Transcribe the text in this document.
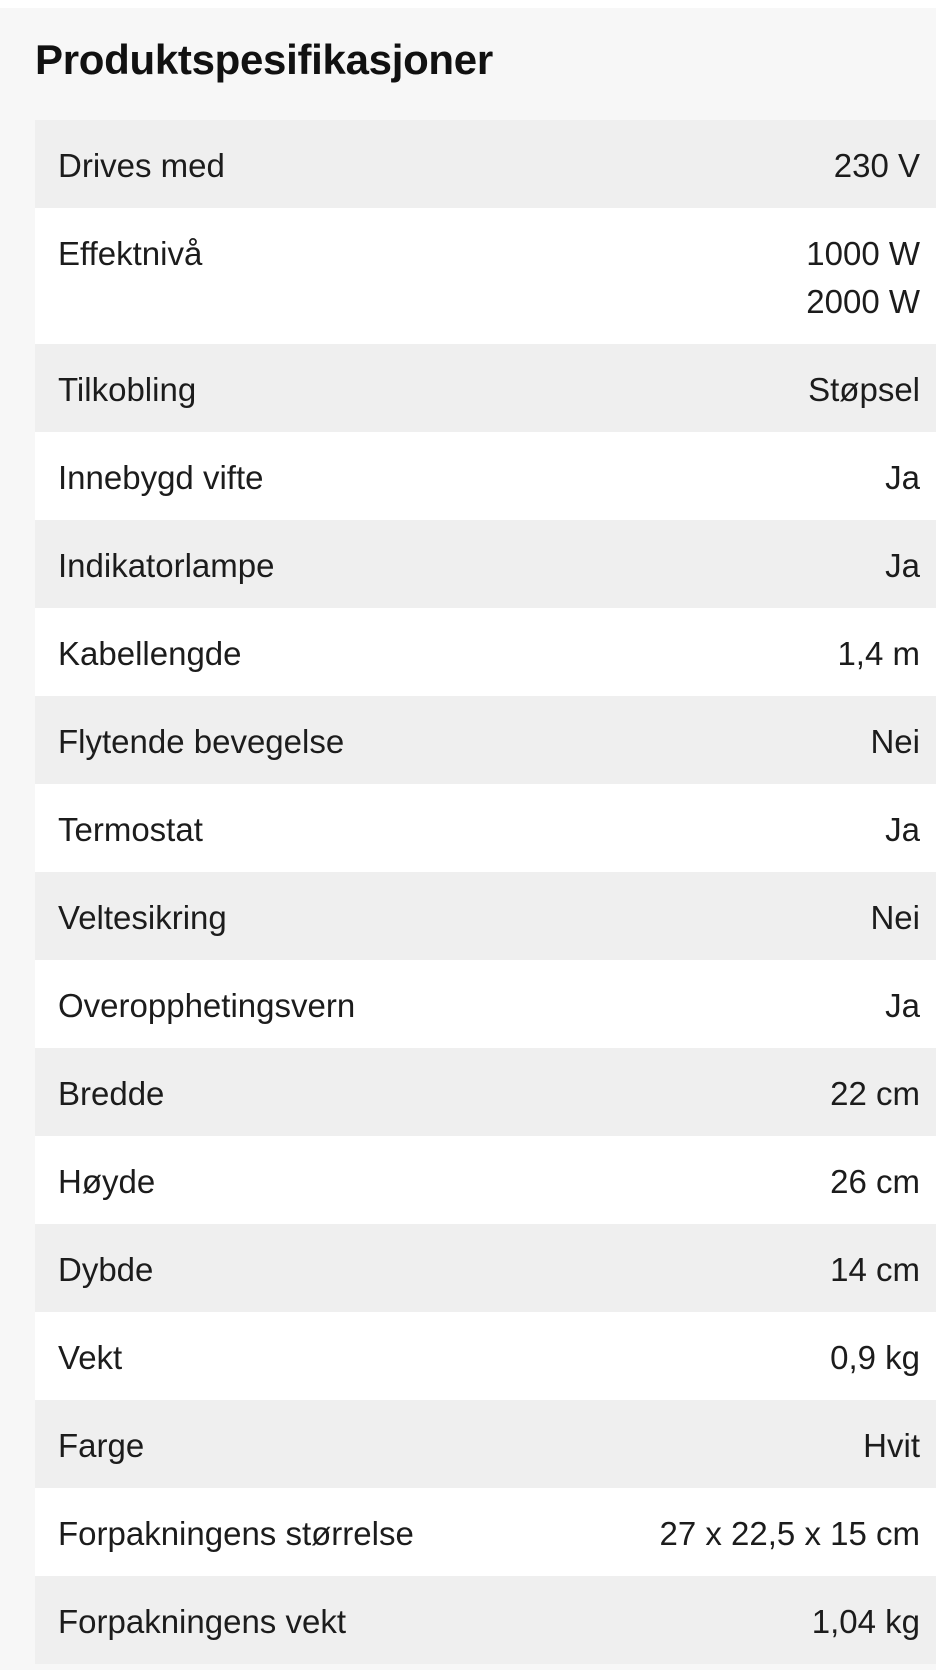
Produktspesifikasjoner
Drives med	230 V
Effektnivå	1000 W
2000 W
Tilkobling	Støpsel
Innebygd vifte	Ja
Indikatorlampe	Ja
Kabellengde	1,4 m
Flytende bevegelse	Nei
Termostat	Ja
Veltesikring	Nei
Overopphetingsvern	Ja
Bredde	22 cm
Høyde	26 cm
Dybde	14 cm
Vekt	0,9 kg
Farge	Hvit
Forpakningens størrelse	27 x 22,5 x 15 cm
Forpakningens vekt	1,04 kg
